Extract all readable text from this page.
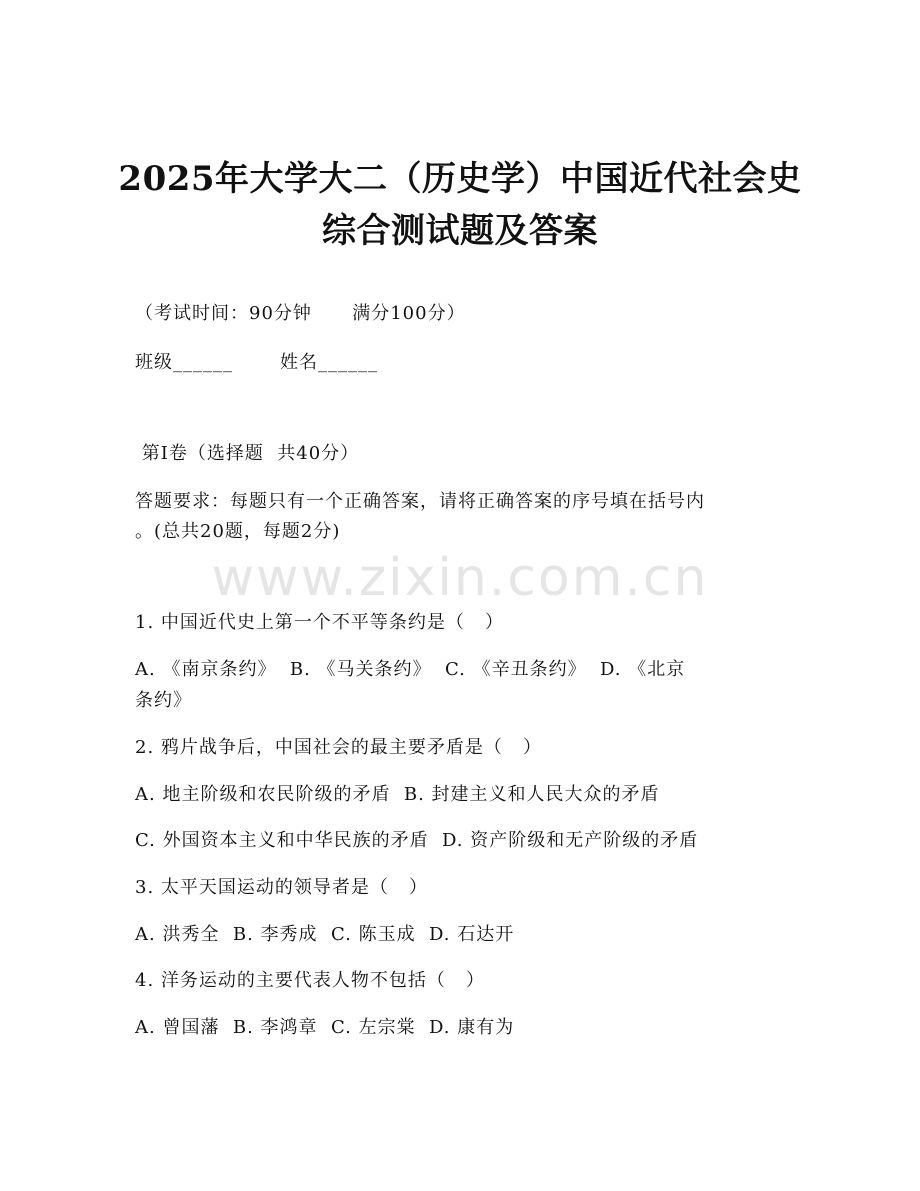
2025年大学大二（历史学）中国近代社会史
综合测试题及答案
（考试时间：90分钟      满分100分）
班级______       姓名______
第Ⅰ卷（选择题  共40分）
答题要求：每题只有一个正确答案，请将正确答案的序号填在括号内
。(总共20题，每题2分)
www.zixin.com.cn
1. 中国近代史上第一个不平等条约是（   ）
A. 《南京条约》  B. 《马关条约》  C. 《辛丑条约》  D. 《北京
条约》
2. 鸦片战争后，中国社会的最主要矛盾是（   ）
A. 地主阶级和农民阶级的矛盾  B. 封建主义和人民大众的矛盾
C. 外国资本主义和中华民族的矛盾  D. 资产阶级和无产阶级的矛盾
3. 太平天国运动的领导者是（   ）
A. 洪秀全  B. 李秀成  C. 陈玉成  D. 石达开
4. 洋务运动的主要代表人物不包括（   ）
A. 曾国藩  B. 李鸿章  C. 左宗棠  D. 康有为
